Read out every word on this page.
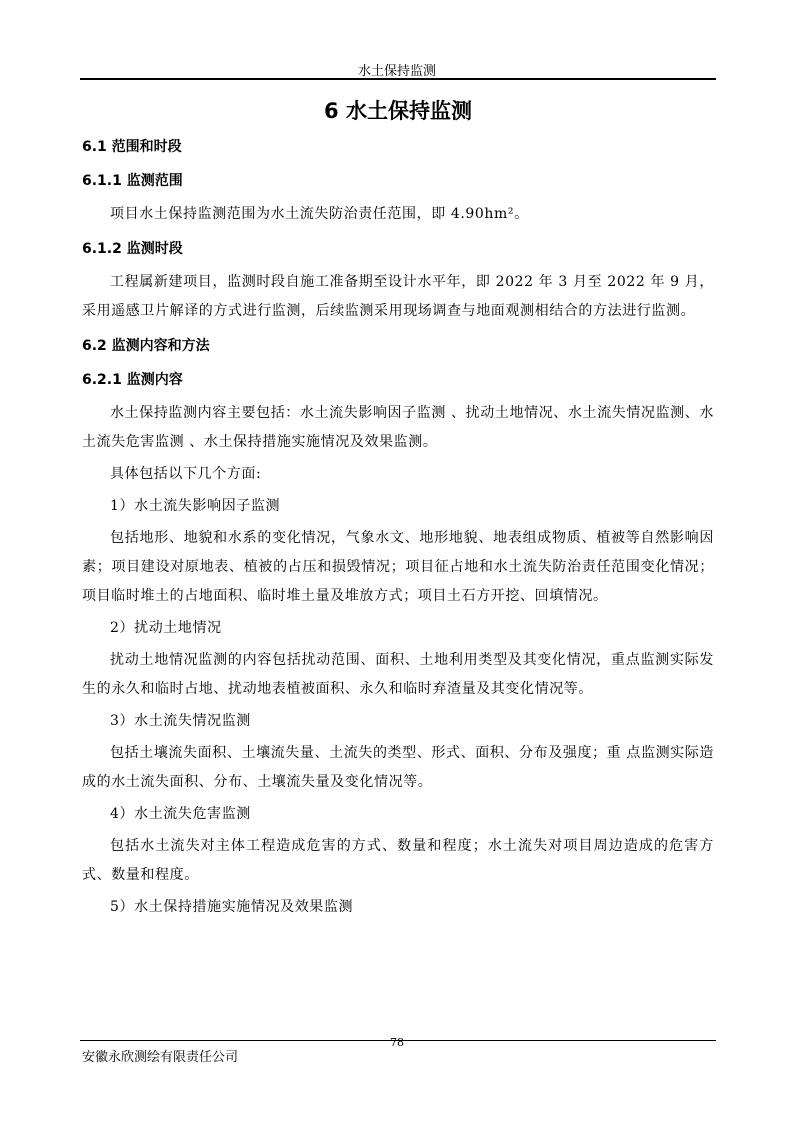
水土保持监测
6 水土保持监测
6.1 范围和时段
6.1.1 监测范围

项目水土保持监测范围为水土流失防治责任范围，即 4.90hm²。

6.1.2 监测时段

工程属新建项目，监测时段自施工准备期至设计水平年，即 2022 年 3 月至 2022 年 9 月，采用遥感卫片解译的方式进行监测，后续监测采用现场调查与地面观测相结合的方法进行监测。

6.2 监测内容和方法
6.2.1 监测内容

水土保持监测内容主要包括：水土流失影响因子监测 、扰动土地情况、水土流失情况监测、水土流失危害监测 、水土保持措施实施情况及效果监测。

具体包括以下几个方面:

1）水土流失影响因子监测

包括地形、地貌和水系的变化情况，气象水文、地形地貌、地表组成物质、植被等自然影响因素；项目建设对原地表、植被的占压和损毁情况；项目征占地和水土流失防治责任范围变化情况；项目临时堆土的占地面积、临时堆土量及堆放方式；项目土石方开挖、回填情况。

2）扰动土地情况

扰动土地情况监测的内容包括扰动范围、面积、土地利用类型及其变化情况，重点监测实际发生的永久和临时占地、扰动地表植被面积、永久和临时弃渣量及其变化情况等。

3）水土流失情况监测

包括土壤流失面积、土壤流失量、土流失的类型、形式、面积、分布及强度；重 点监测实际造成的水土流失面积、分布、土壤流失量及变化情况等。

4）水土流失危害监测

包括水土流失对主体工程造成危害的方式、数量和程度；水土流失对项目周边造成的危害方式、数量和程度。

5）水土保持措施实施情况及效果监测

78
安徽永欣测绘有限责任公司
